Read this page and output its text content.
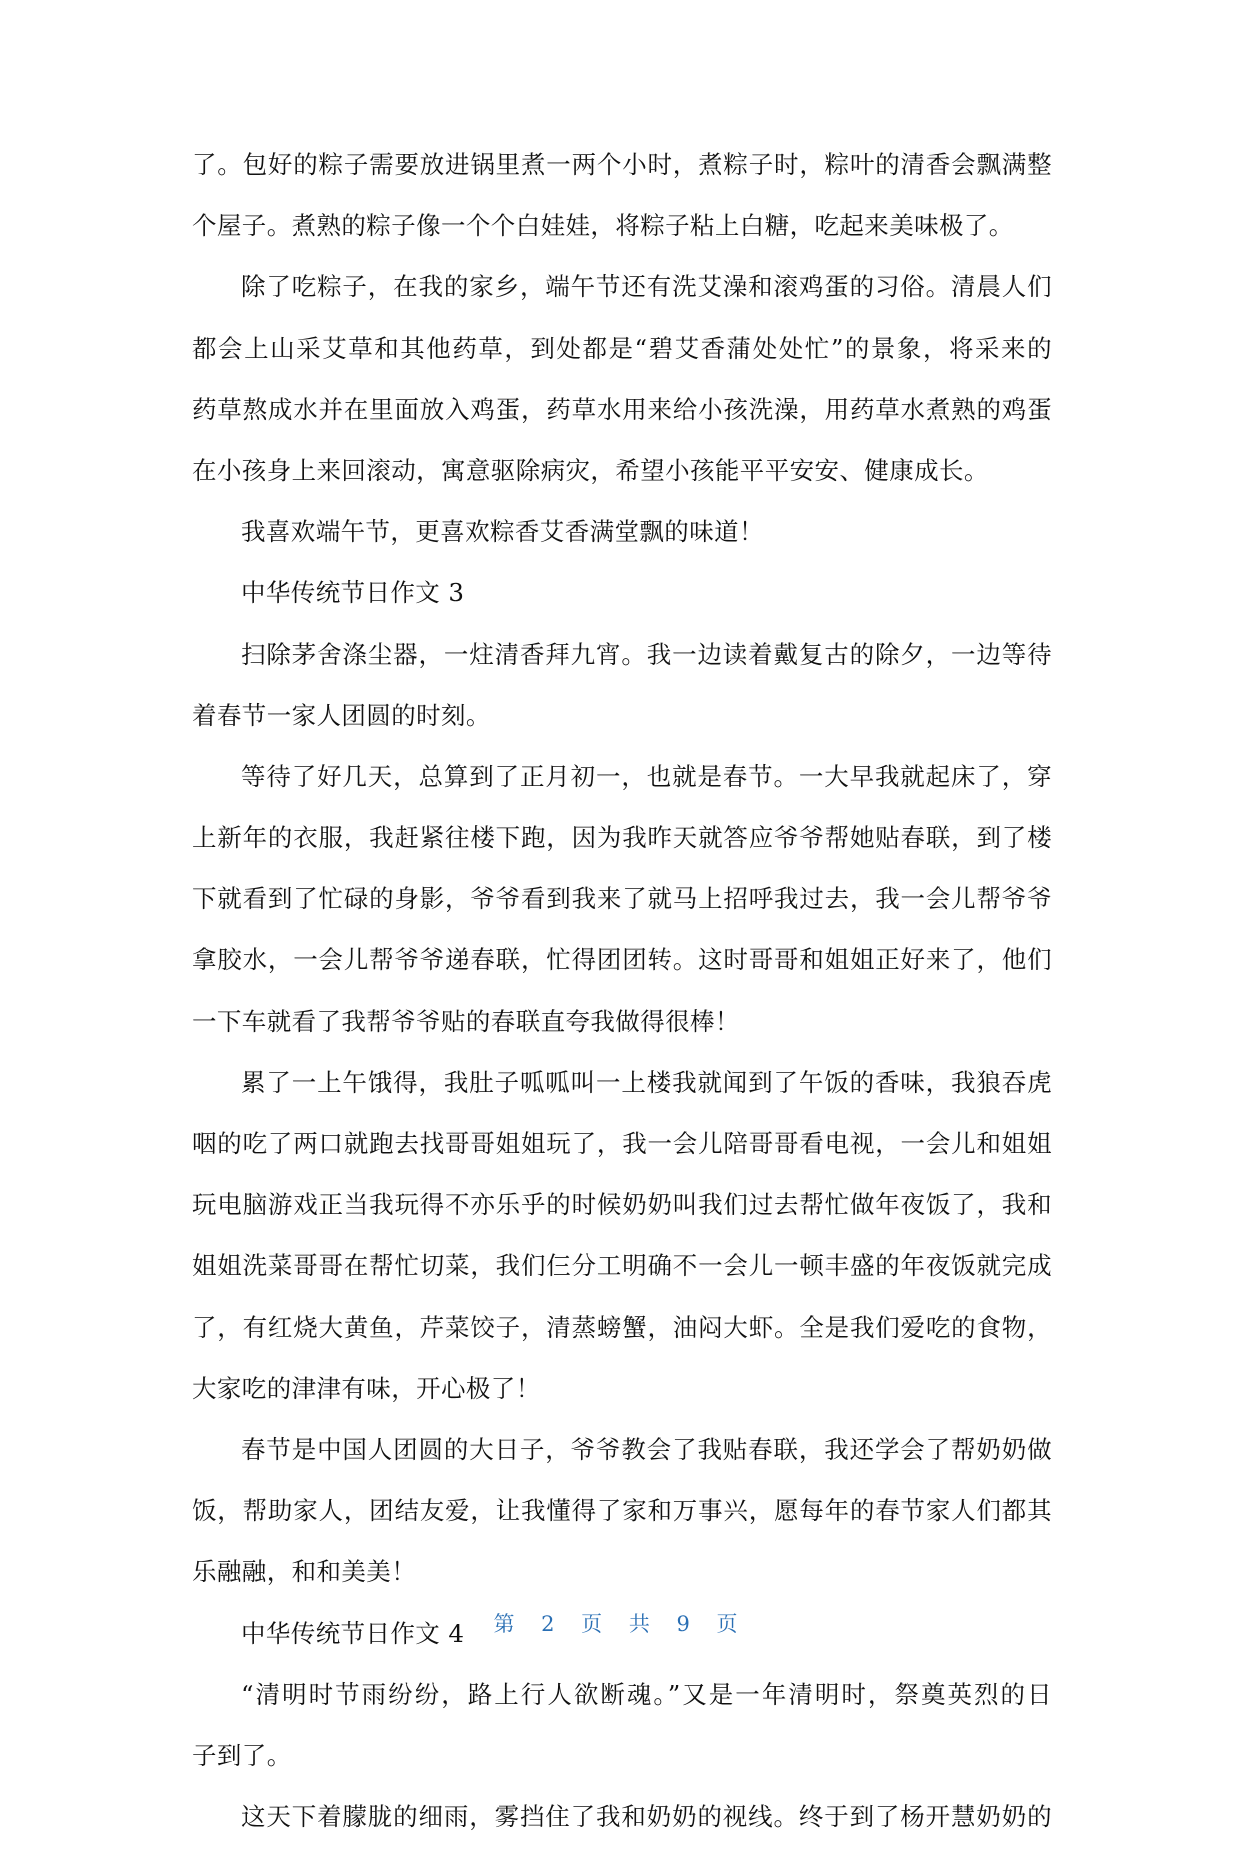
了。包好的粽子需要放进锅里煮一两个小时，煮粽子时，粽叶的清香会飘满整
个屋子。煮熟的粽子像一个个白娃娃，将粽子粘上白糖，吃起来美味极了。
除了吃粽子，在我的家乡，端午节还有洗艾澡和滚鸡蛋的习俗。清晨人们
都会上山采艾草和其他药草，到处都是“碧艾香蒲处处忙”的景象，将采来的
药草熬成水并在里面放入鸡蛋，药草水用来给小孩洗澡，用药草水煮熟的鸡蛋
在小孩身上来回滚动，寓意驱除病灾，希望小孩能平平安安、健康成长。
我喜欢端午节，更喜欢粽香艾香满堂飘的味道！
中华传统节日作文 3
扫除茅舍涤尘器，一炷清香拜九宵。我一边读着戴复古的除夕，一边等待
着春节一家人团圆的时刻。
等待了好几天，总算到了正月初一，也就是春节。一大早我就起床了，穿
上新年的衣服，我赶紧往楼下跑，因为我昨天就答应爷爷帮她贴春联，到了楼
下就看到了忙碌的身影，爷爷看到我来了就马上招呼我过去，我一会儿帮爷爷
拿胶水，一会儿帮爷爷递春联，忙得团团转。这时哥哥和姐姐正好来了，他们
一下车就看了我帮爷爷贴的春联直夸我做得很棒！
累了一上午饿得，我肚子呱呱叫一上楼我就闻到了午饭的香味，我狼吞虎
咽的吃了两口就跑去找哥哥姐姐玩了，我一会儿陪哥哥看电视，一会儿和姐姐
玩电脑游戏正当我玩得不亦乐乎的时候奶奶叫我们过去帮忙做年夜饭了，我和
姐姐洗菜哥哥在帮忙切菜，我们仨分工明确不一会儿一顿丰盛的年夜饭就完成
了，有红烧大黄鱼，芹菜饺子，清蒸螃蟹，油闷大虾。全是我们爱吃的食物，
大家吃的津津有味，开心极了！
春节是中国人团圆的大日子，爷爷教会了我贴春联，我还学会了帮奶奶做
饭，帮助家人，团结友爱，让我懂得了家和万事兴，愿每年的春节家人们都其
乐融融，和和美美！
中华传统节日作文 4
“清明时节雨纷纷，路上行人欲断魂。”又是一年清明时，祭奠英烈的日
子到了。
这天下着朦胧的细雨，雾挡住了我和奶奶的视线。终于到了杨开慧奶奶的
第 2 页 共 9 页
